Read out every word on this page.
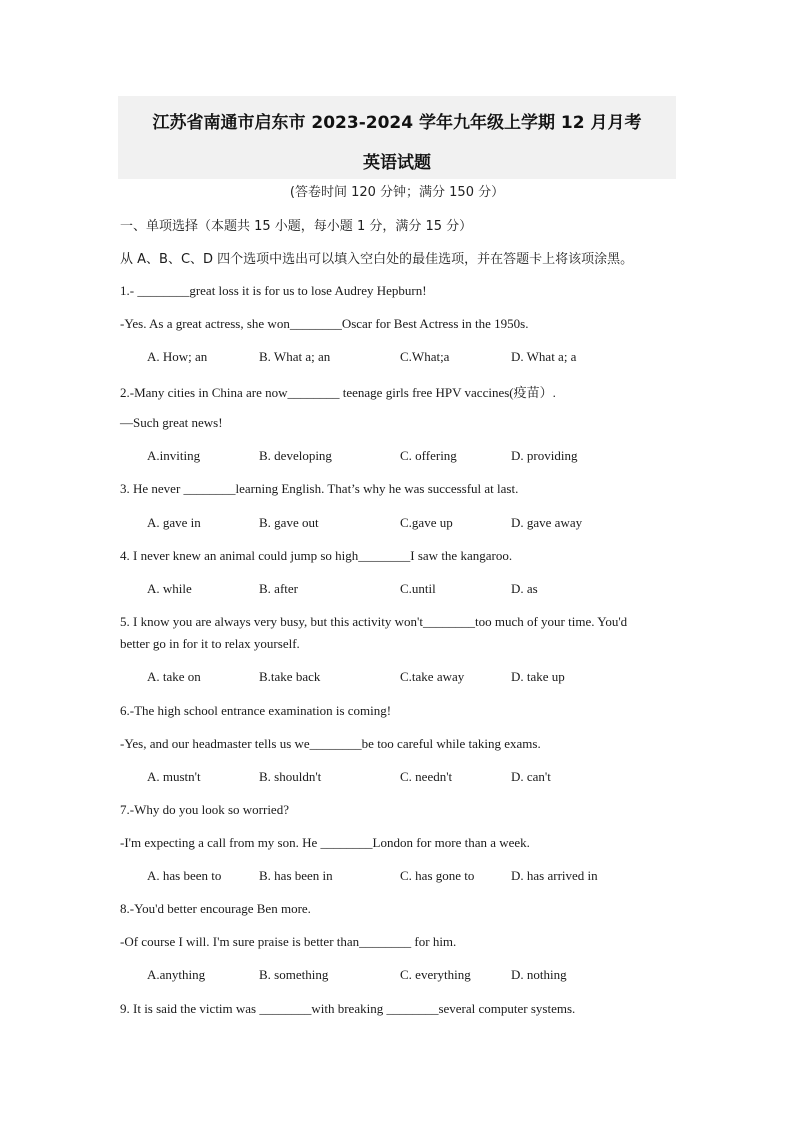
江苏省南通市启东市 2023-2024 学年九年级上学期 12 月月考
英语试题
(答卷时间 120 分钟；满分 150 分）
一、单项选择（本题共 15 小题，每小题 1 分，满分 15 分）
从 A、B、C、D 四个选项中选出可以填入空白处的最佳选项，并在答题卡上将该项涂黑。
1.- ________great loss it is for us to lose Audrey Hepburn!
-Yes. As a great actress, she won________Oscar for Best Actress in the 1950s.
A. How; an	B. What a; an	C.What;a	D. What a; a
2.-Many cities in China are now________ teenage girls free HPV vaccines(疫苗）.
—Such great news!
A.inviting	B. developing	C. offering	D. providing
3. He never ________learning English. That’s why he was successful at last.
A. gave in	B. gave out	C.gave up	D. gave away
4. I never knew an animal could jump so high________I saw the kangaroo.
A. while	B. after	C.until	D. as
5. I know you are always very busy, but this activity won't________too much of your time. You'd
better go in for it to relax yourself.
A. take on	B.take back	C.take away	D. take up
6.-The high school entrance examination is coming!
-Yes, and our headmaster tells us we________be too careful while taking exams.
A. mustn't	B. shouldn't	C. needn't	D. can't
7.-Why do you look so worried?
-I'm expecting a call from my son. He ________London for more than a week.
A. has been to	B. has been in	C. has gone to	D. has arrived in
8.-You'd better encourage Ben more.
-Of course I will. I'm sure praise is better than________ for him.
A.anything	B. something	C. everything	D. nothing
9. It is said the victim was ________with breaking ________several computer systems.
